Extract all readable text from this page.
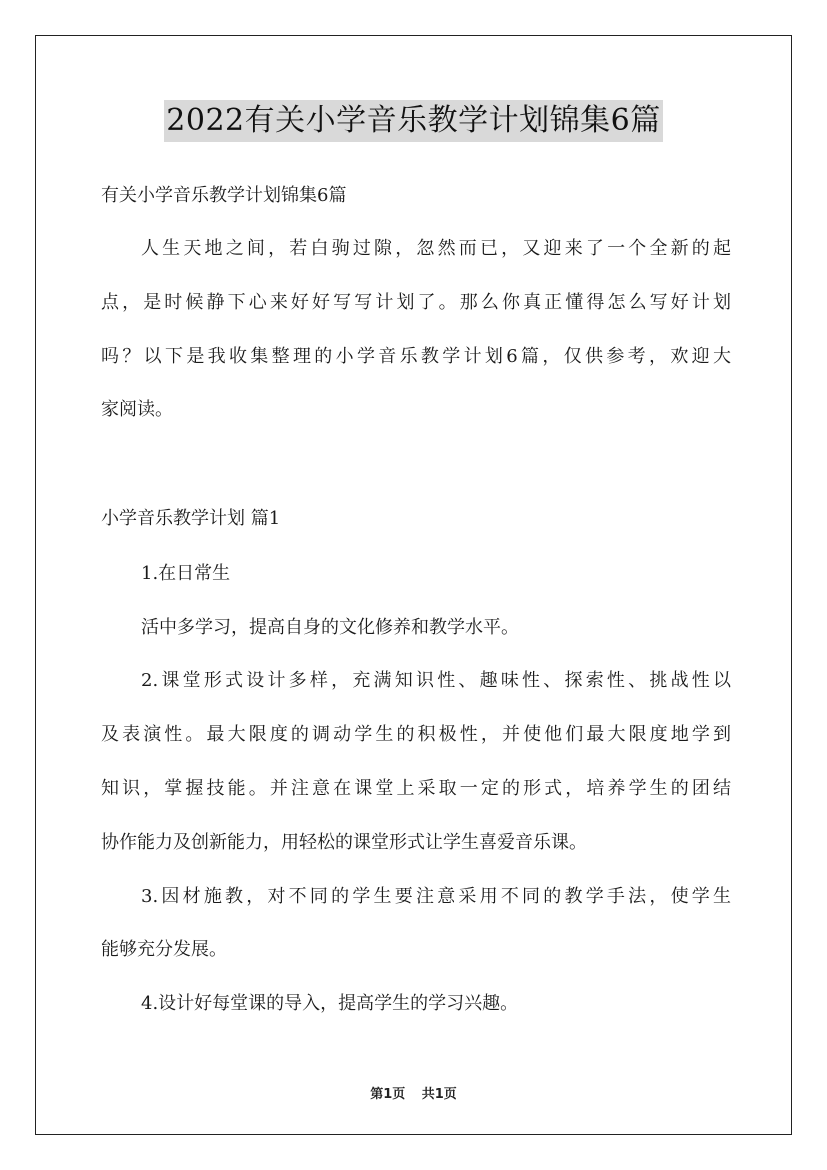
2022有关小学音乐教学计划锦集6篇
有关小学音乐教学计划锦集6篇
人生天地之间，若白驹过隙，忽然而已，又迎来了一个全新的起
点，是时候静下心来好好写写计划了。那么你真正懂得怎么写好计划
吗？以下是我收集整理的小学音乐教学计划6篇，仅供参考，欢迎大
家阅读。
小学音乐教学计划 篇1
1.在日常生
活中多学习，提高自身的文化修养和教学水平。
2.课堂形式设计多样，充满知识性、趣味性、探索性、挑战性以
及表演性。最大限度的调动学生的积极性，并使他们最大限度地学到
知识，掌握技能。并注意在课堂上采取一定的形式，培养学生的团结
协作能力及创新能力，用轻松的课堂形式让学生喜爱音乐课。
3.因材施教，对不同的学生要注意采用不同的教学手法，使学生
能够充分发展。
4.设计好每堂课的导入，提高学生的学习兴趣。
第1页 共1页
